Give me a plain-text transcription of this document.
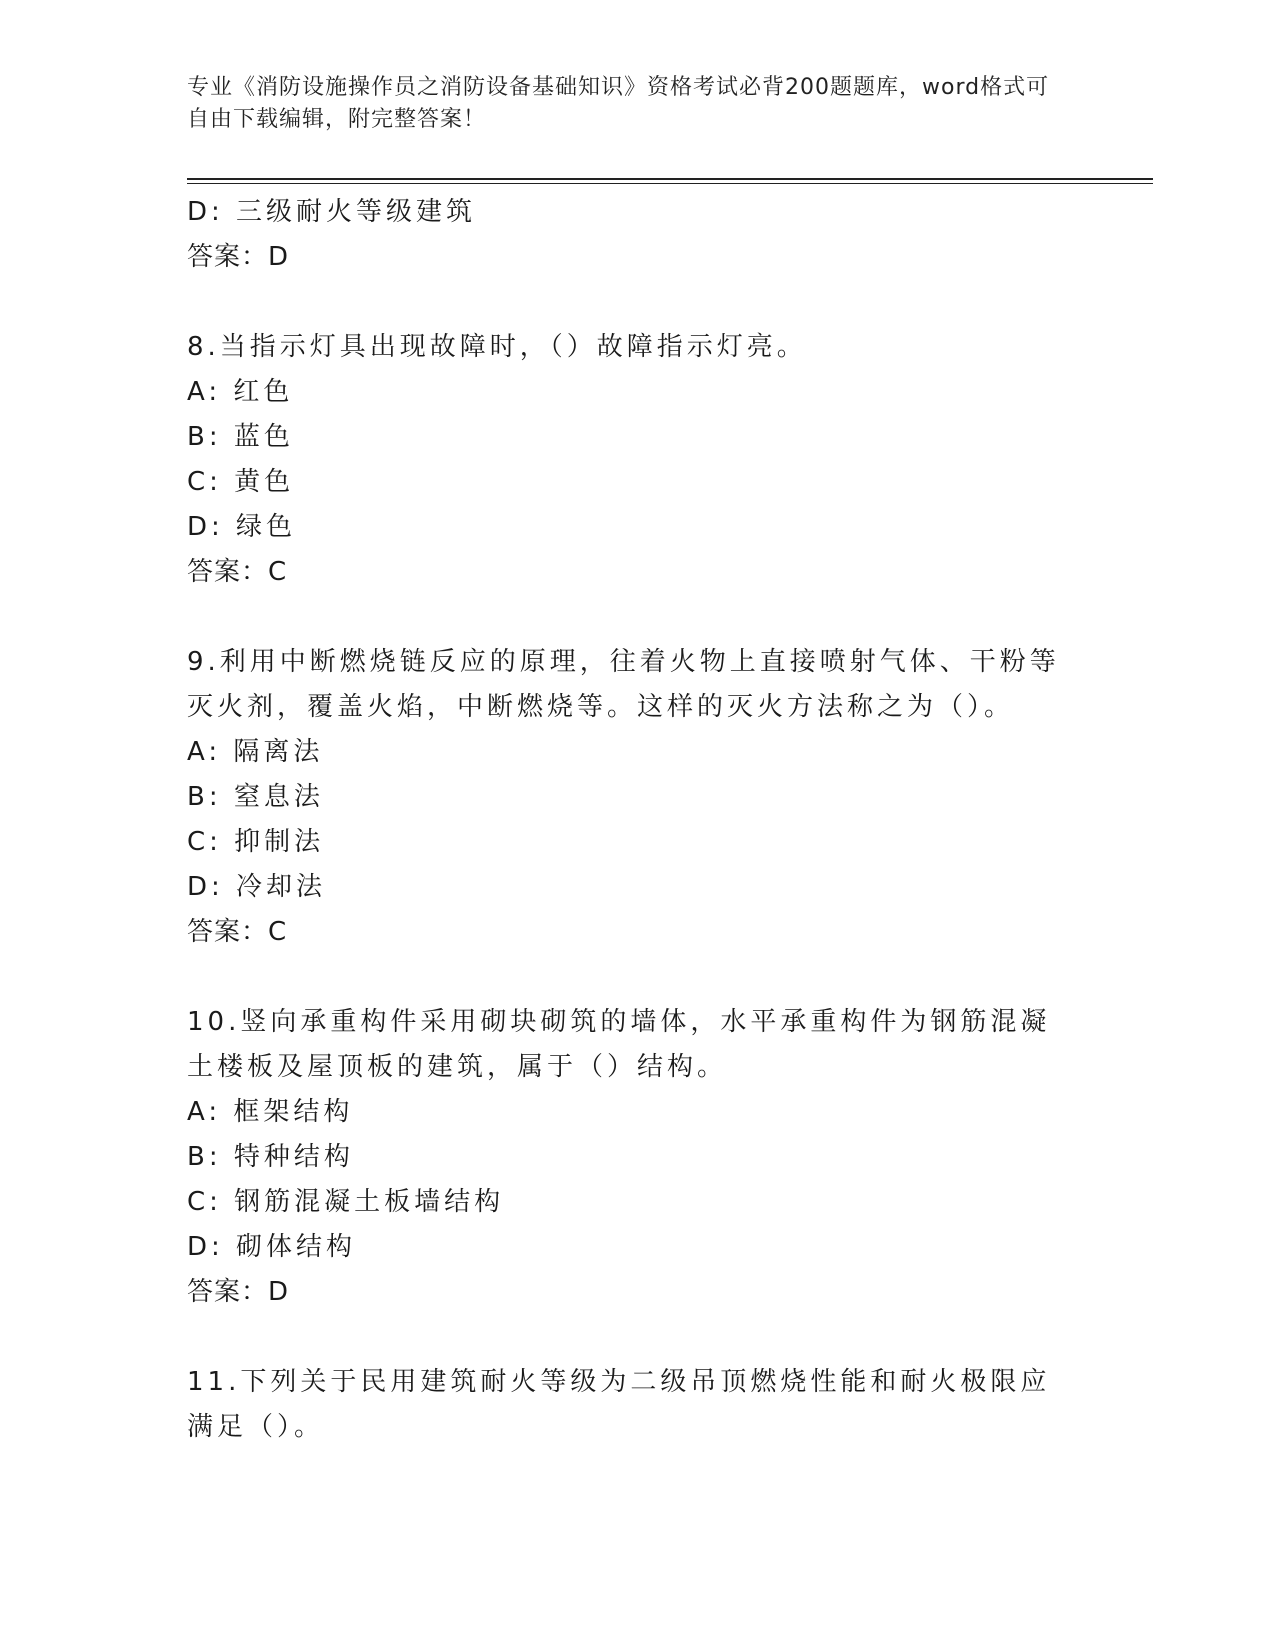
专业《消防设施操作员之消防设备基础知识》资格考试必背200题题库，word格式可自由下载编辑，附完整答案！
D: 三级耐火等级建筑
答案：D
8.当指示灯具出现故障时，（）故障指示灯亮。
A: 红色
B: 蓝色
C: 黄色
D: 绿色
答案：C
9.利用中断燃烧链反应的原理，往着火物上直接喷射气体、干粉等灭火剂，覆盖火焰，中断燃烧等。这样的灭火方法称之为（）。
A: 隔离法
B: 窒息法
C: 抑制法
D: 冷却法
答案：C
10.竖向承重构件采用砌块砌筑的墙体，水平承重构件为钢筋混凝土楼板及屋顶板的建筑，属于（）结构。
A: 框架结构
B: 特种结构
C: 钢筋混凝土板墙结构
D: 砌体结构
答案：D
11.下列关于民用建筑耐火等级为二级吊顶燃烧性能和耐火极限应满足（）。
